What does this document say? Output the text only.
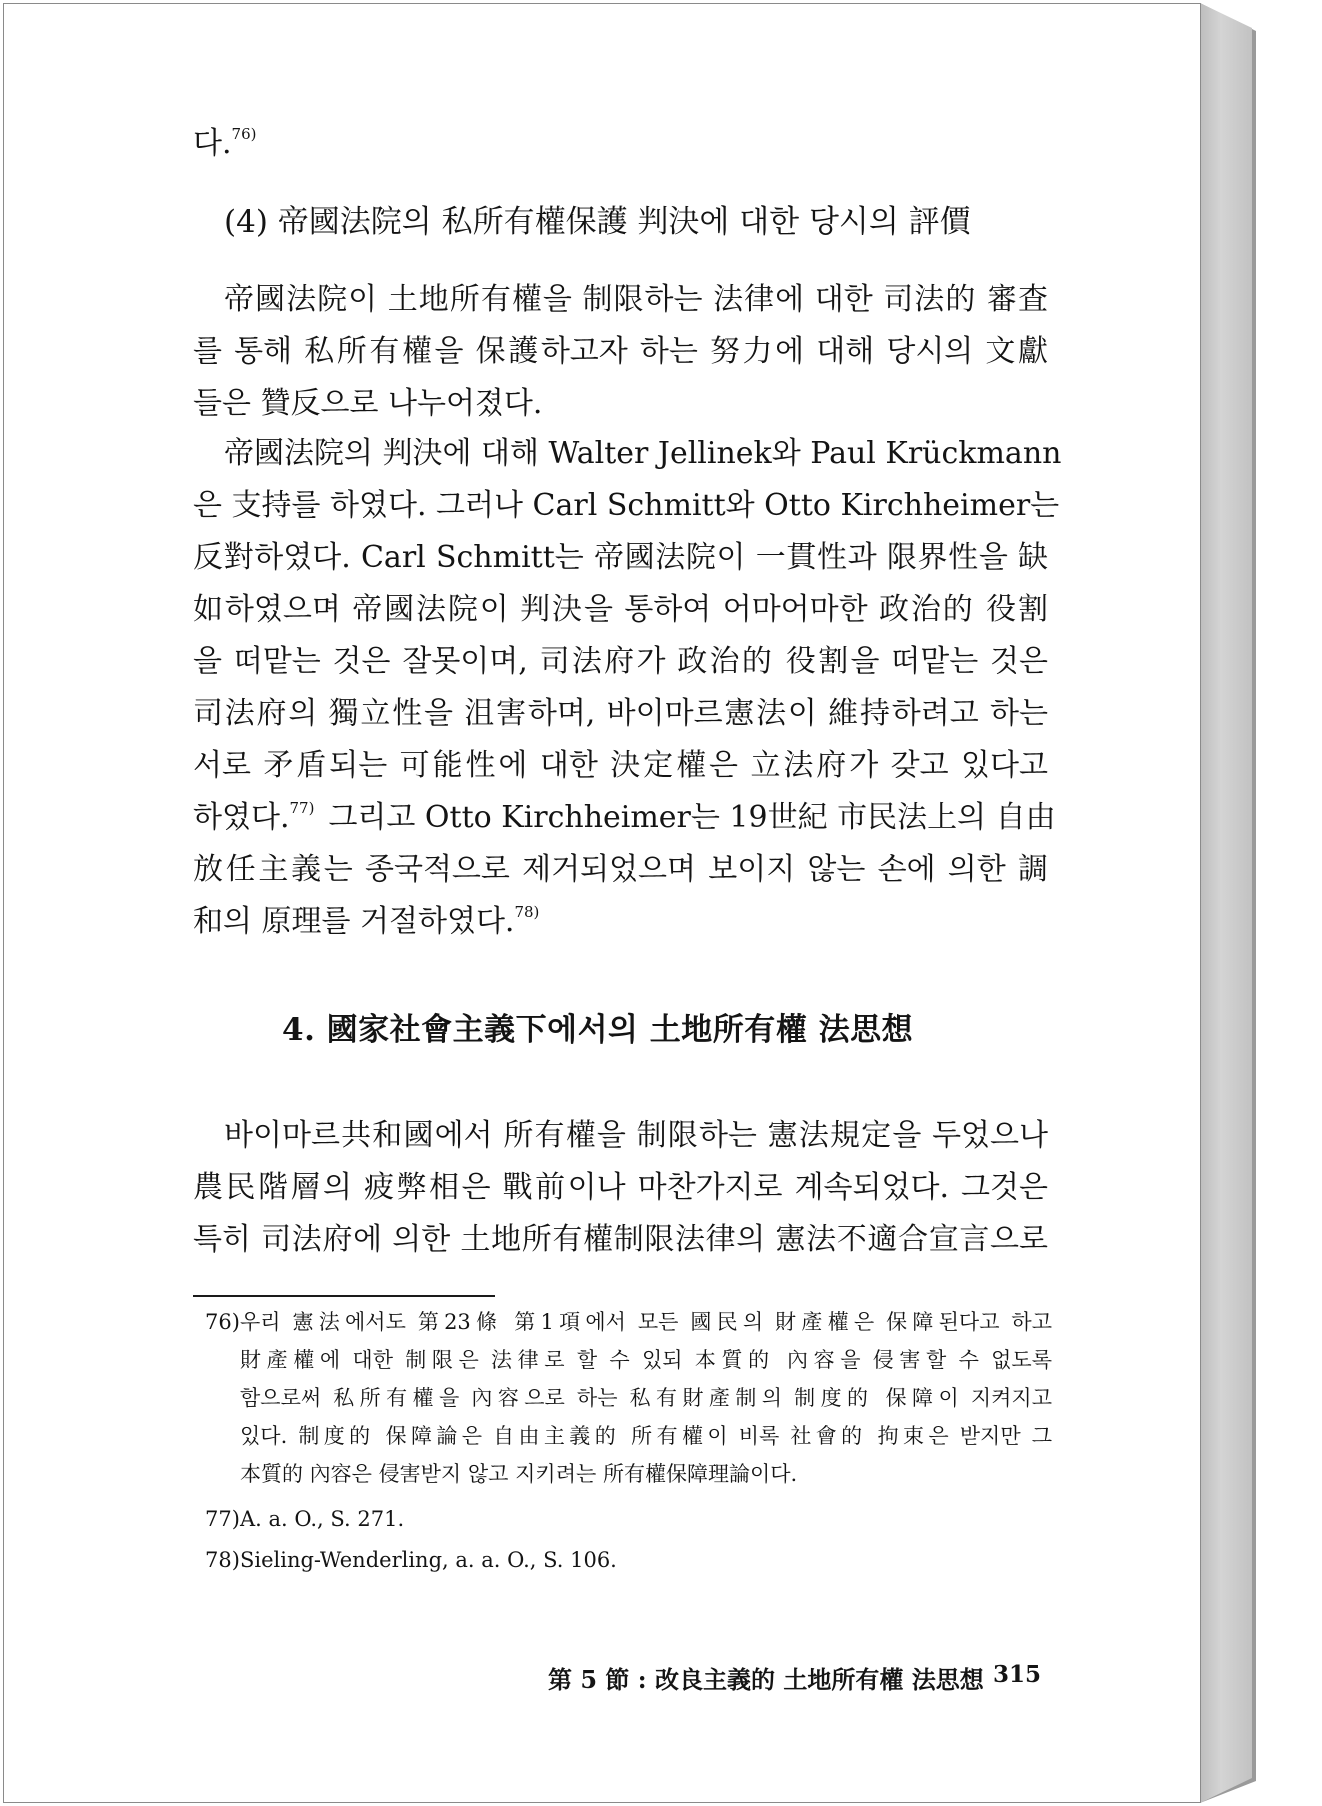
다.$^{76)}$
(4) 帝國法院의 私所有權保護 判決에 대한 당시의 評價
帝國法院이 土地所有權을 制限하는 法律에 대한 司法的 審査
를 통해 私所有權을 保護하고자 하는 努力에 대해 당시의 文獻
들은 贊反으로 나누어졌다.
帝國法院의 判決에 대해 Walter Jellinek와 Paul Krückmann
은 支持를 하였다. 그러나 Carl Schmitt와 Otto Kirchheimer는
反對하였다. Carl Schmitt는 帝國法院이 一貫性과 限界性을 缺
如하였으며 帝國法院이 判決을 통하여 어마어마한 政治的 役割
을 떠맡는 것은 잘못이며, 司法府가 政治的 役割을 떠맡는 것은
司法府의 獨立性을 沮害하며, 바이마르憲法이 維持하려고 하는
서로 矛盾되는 可能性에 대한 決定權은 立法府가 갖고 있다고
하였다.$^{77)}$ 그리고 Otto Kirchheimer는 19世紀 市民法上의 自由
放任主義는 종국적으로 제거되었으며 보이지 않는 손에 의한 調
和의 原理를 거절하였다.$^{78)}$
4. 國家社會主義下에서의 土地所有權 法思想
바이마르共和國에서 所有權을 制限하는 憲法規定을 두었으나
農民階層의 疲弊相은 戰前이나 마찬가지로 계속되었다. 그것은
특히 司法府에 의한 土地所有權制限法律의 憲法不適合宣言으로
76) 우리 憲法에서도 第23條 第1項에서 모든 國民의 財產權은 保障된다고 하고
財產權에 대한 制限은 法律로 할 수 있되 本質的 內容을 侵害할 수 없도록
함으로써 私所有權을 內容으로 하는 私有財產制의 制度的 保障이 지켜지고
있다. 制度的 保障論은 自由主義的 所有權이 비록 社會的 拘束은 받지만 그
本質的 內容은 侵害받지 않고 지키려는 所有權保障理論이다.
77) A. a. O., S. 271.
78) Sieling-Wenderling, a. a. O., S. 106.
第 5 節 : 改良主義的 土地所有權 法思想 315
